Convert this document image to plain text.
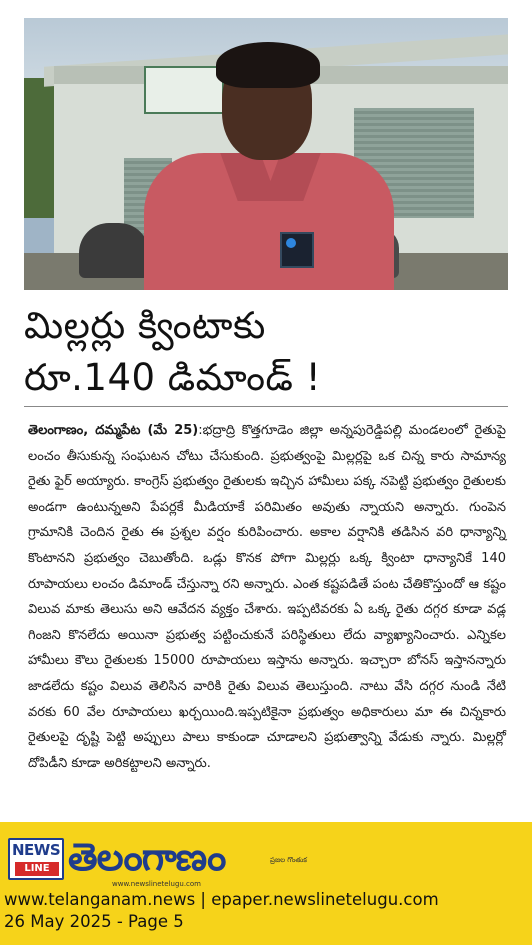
మిల్లర్లు క్వింటాకు
రూ.140 డిమాండ్ !
తెలంగాణం, దమ్మపేట (మే 25):భద్రాద్రి కొత్తగూడెం జిల్లా అన్నపురెడ్డిపల్లి మండలంలో రైతుపై లంచం తీసుకున్న సంఘటన చోటు చేసుకుంది. ప్రభుత్వంపై మిల్లర్లపై ఒక చిన్న కారు సామాన్య రైతు ఫైర్ అయ్యారు. కాంగ్రెస్ ప్రభుత్వం రైతులకు ఇచ్చిన హామీలు పక్క నపెట్టి ప్రభుత్వం రైతులకు అండగా ఉంటున్నఅని పేపర్లకే మీడియాకే పరిమితం అవుతు న్నాయని అన్నారు. గుంపెన గ్రామానికి చెందిన రైతు ఈ ప్రశ్నల వర్షం కురిపించారు. అకాల వర్షానికి తడిసిన వరి ధాన్యాన్ని కొంటానని ప్రభుత్వం చెబుతోంది. ఒడ్లు కొనక పోగా మిల్లర్లు ఒక్క క్వింటా ధాన్యానికే 140 రూపాయలు లంచం డిమాండ్ చేస్తున్నా రని అన్నారు. ఎంత కష్టపడితే పంట చేతికొస్తుందో ఆ కష్టం విలువ మాకు తెలుసు అని ఆవేదన వ్యక్తం చేశారు. ఇప్పటివరకు ఏ ఒక్క రైతు దగ్గర కూడా వడ్ల గింజని కొనలేదు అయినా ప్రభుత్వ పట్టించుకునే పరిస్థితులు లేదు వ్యాఖ్యానించారు. ఎన్నికల హామీలు కౌలు రైతులకు 15000 రూపాయలు ఇస్తాను అన్నారు. ఇచ్చారా బోనస్ ఇస్తానన్నారు జాడలేదు కష్టం విలువ తెలిసిన వారికి రైతు విలువ తెలుస్తుంది. నాటు వేసి దగ్గర నుండి నేటి వరకు 60 వేల రూపాయలు ఖర్చయింది.ఇప్పటికైనా ప్రభుత్వం అధికారులు మా ఈ చిన్నకారు రైతులపై దృష్టి పెట్టి అప్పులు పాలు కాకుండా చూడాలని ప్రభుత్వాన్ని వేడుకు న్నారు. మిల్లర్లో దోపిడీని కూడా అరికట్టాలని అన్నారు.
NEWS
LINE తెలంగాణం	ప్రజల గొంతుక
www.newslinetelugu.com
www.telanganam.news | epaper.newslinetelugu.com
26 May 2025 - Page 5
